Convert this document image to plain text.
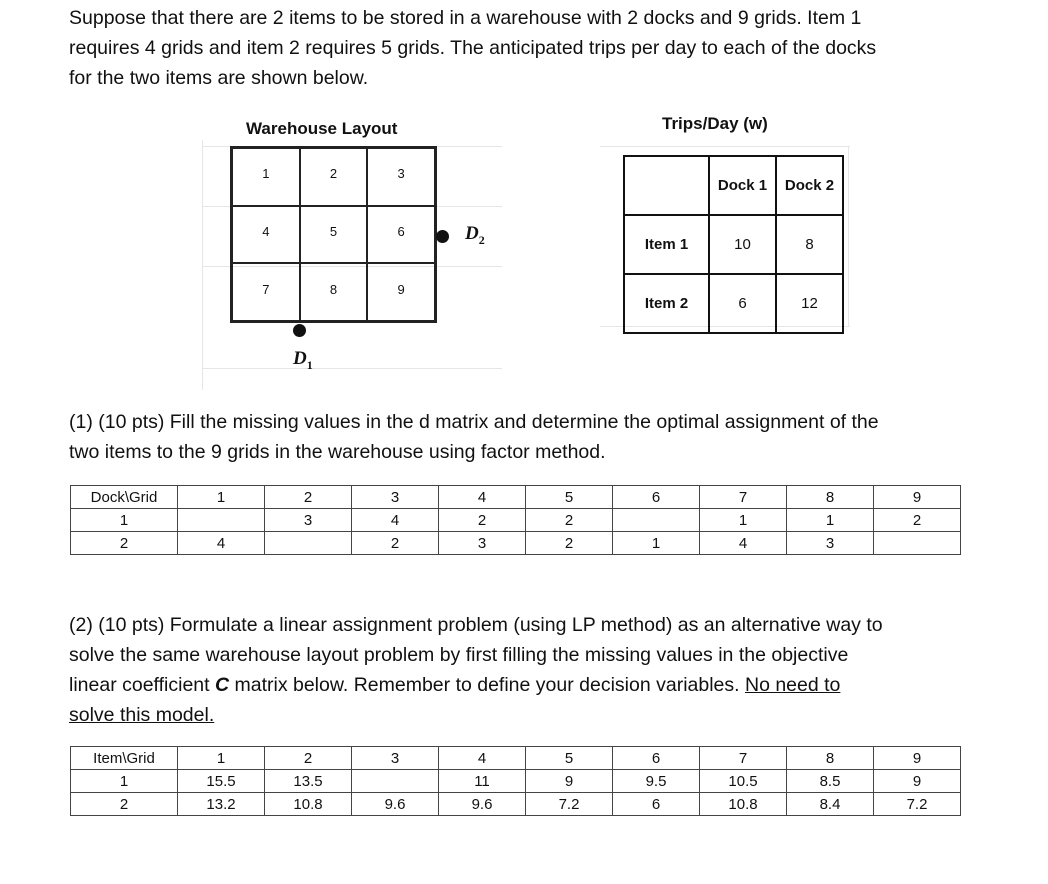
Suppose that there are 2 items to be stored in a warehouse with 2 docks and 9 grids. Item 1
requires 4 grids and item 2 requires 5 grids. The anticipated trips per day to each of the docks
for the two items are shown below.
Warehouse Layout
1	2	3
4	5	6
7	8	9
$D_1$
$D_2$
Trips/Day (w)
	Dock 1	Dock 2
Item 1	10	8
Item 2	6	12
(1) (10 pts) Fill the missing values in the d matrix and determine the optimal assignment of the
two items to the 9 grids in the warehouse using factor method.
Dock\Grid	1	2	3	4	5	6	7	8	9
1		3	4	2	2		1	1	2
2	4		2	3	2	1	4	3	
(2) (10 pts) Formulate a linear assignment problem (using LP method) as an alternative way to
solve the same warehouse layout problem by first filling the missing values in the objective
linear coefficient C matrix below. Remember to define your decision variables. No need to
solve this model.
Item\Grid	1	2	3	4	5	6	7	8	9
1	15.5	13.5		11	9	9.5	10.5	8.5	9
2	13.2	10.8	9.6	9.6	7.2	6	10.8	8.4	7.2
